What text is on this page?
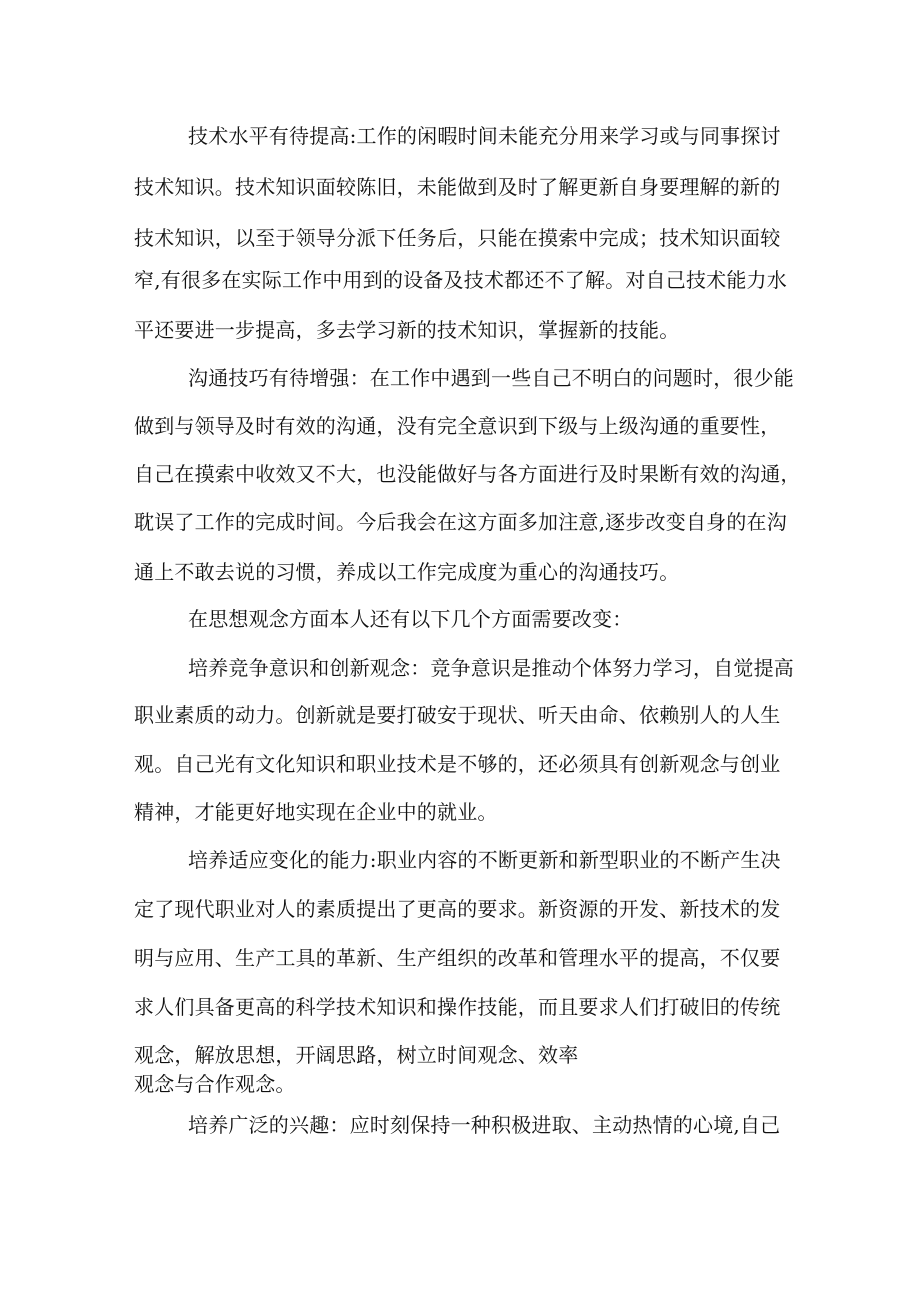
技术水平有待提高:工作的闲暇时间未能充分用来学习或与同事探讨
技术知识。技术知识面较陈旧，未能做到及时了解更新自身要理解的新的
技术知识，以至于领导分派下任务后，只能在摸索中完成；技术知识面较
窄,有很多在实际工作中用到的设备及技术都还不了解。对自己技术能力水
平还要进一步提高，多去学习新的技术知识，掌握新的技能。
沟通技巧有待增强：在工作中遇到一些自己不明白的问题时，很少能
做到与领导及时有效的沟通，没有完全意识到下级与上级沟通的重要性，
自己在摸索中收效又不大，也没能做好与各方面进行及时果断有效的沟通，
耽误了工作的完成时间。今后我会在这方面多加注意,逐步改变自身的在沟
通上不敢去说的习惯，养成以工作完成度为重心的沟通技巧。
在思想观念方面本人还有以下几个方面需要改变：
培养竞争意识和创新观念：竞争意识是推动个体努力学习，自觉提高
职业素质的动力。创新就是要打破安于现状、听天由命、依赖别人的人生
观。自己光有文化知识和职业技术是不够的，还必须具有创新观念与创业
精神，才能更好地实现在企业中的就业。
培养适应变化的能力:职业内容的不断更新和新型职业的不断产生决
定了现代职业对人的素质提出了更高的要求。新资源的开发、新技术的发
明与应用、生产工具的革新、生产组织的改革和管理水平的提高，不仅要
求人们具备更高的科学技术知识和操作技能，而且要求人们打破旧的传统
观念，解放思想，开阔思路，树立时间观念、效率
观念与合作观念。
培养广泛的兴趣：应时刻保持一种积极进取、主动热情的心境,自己
